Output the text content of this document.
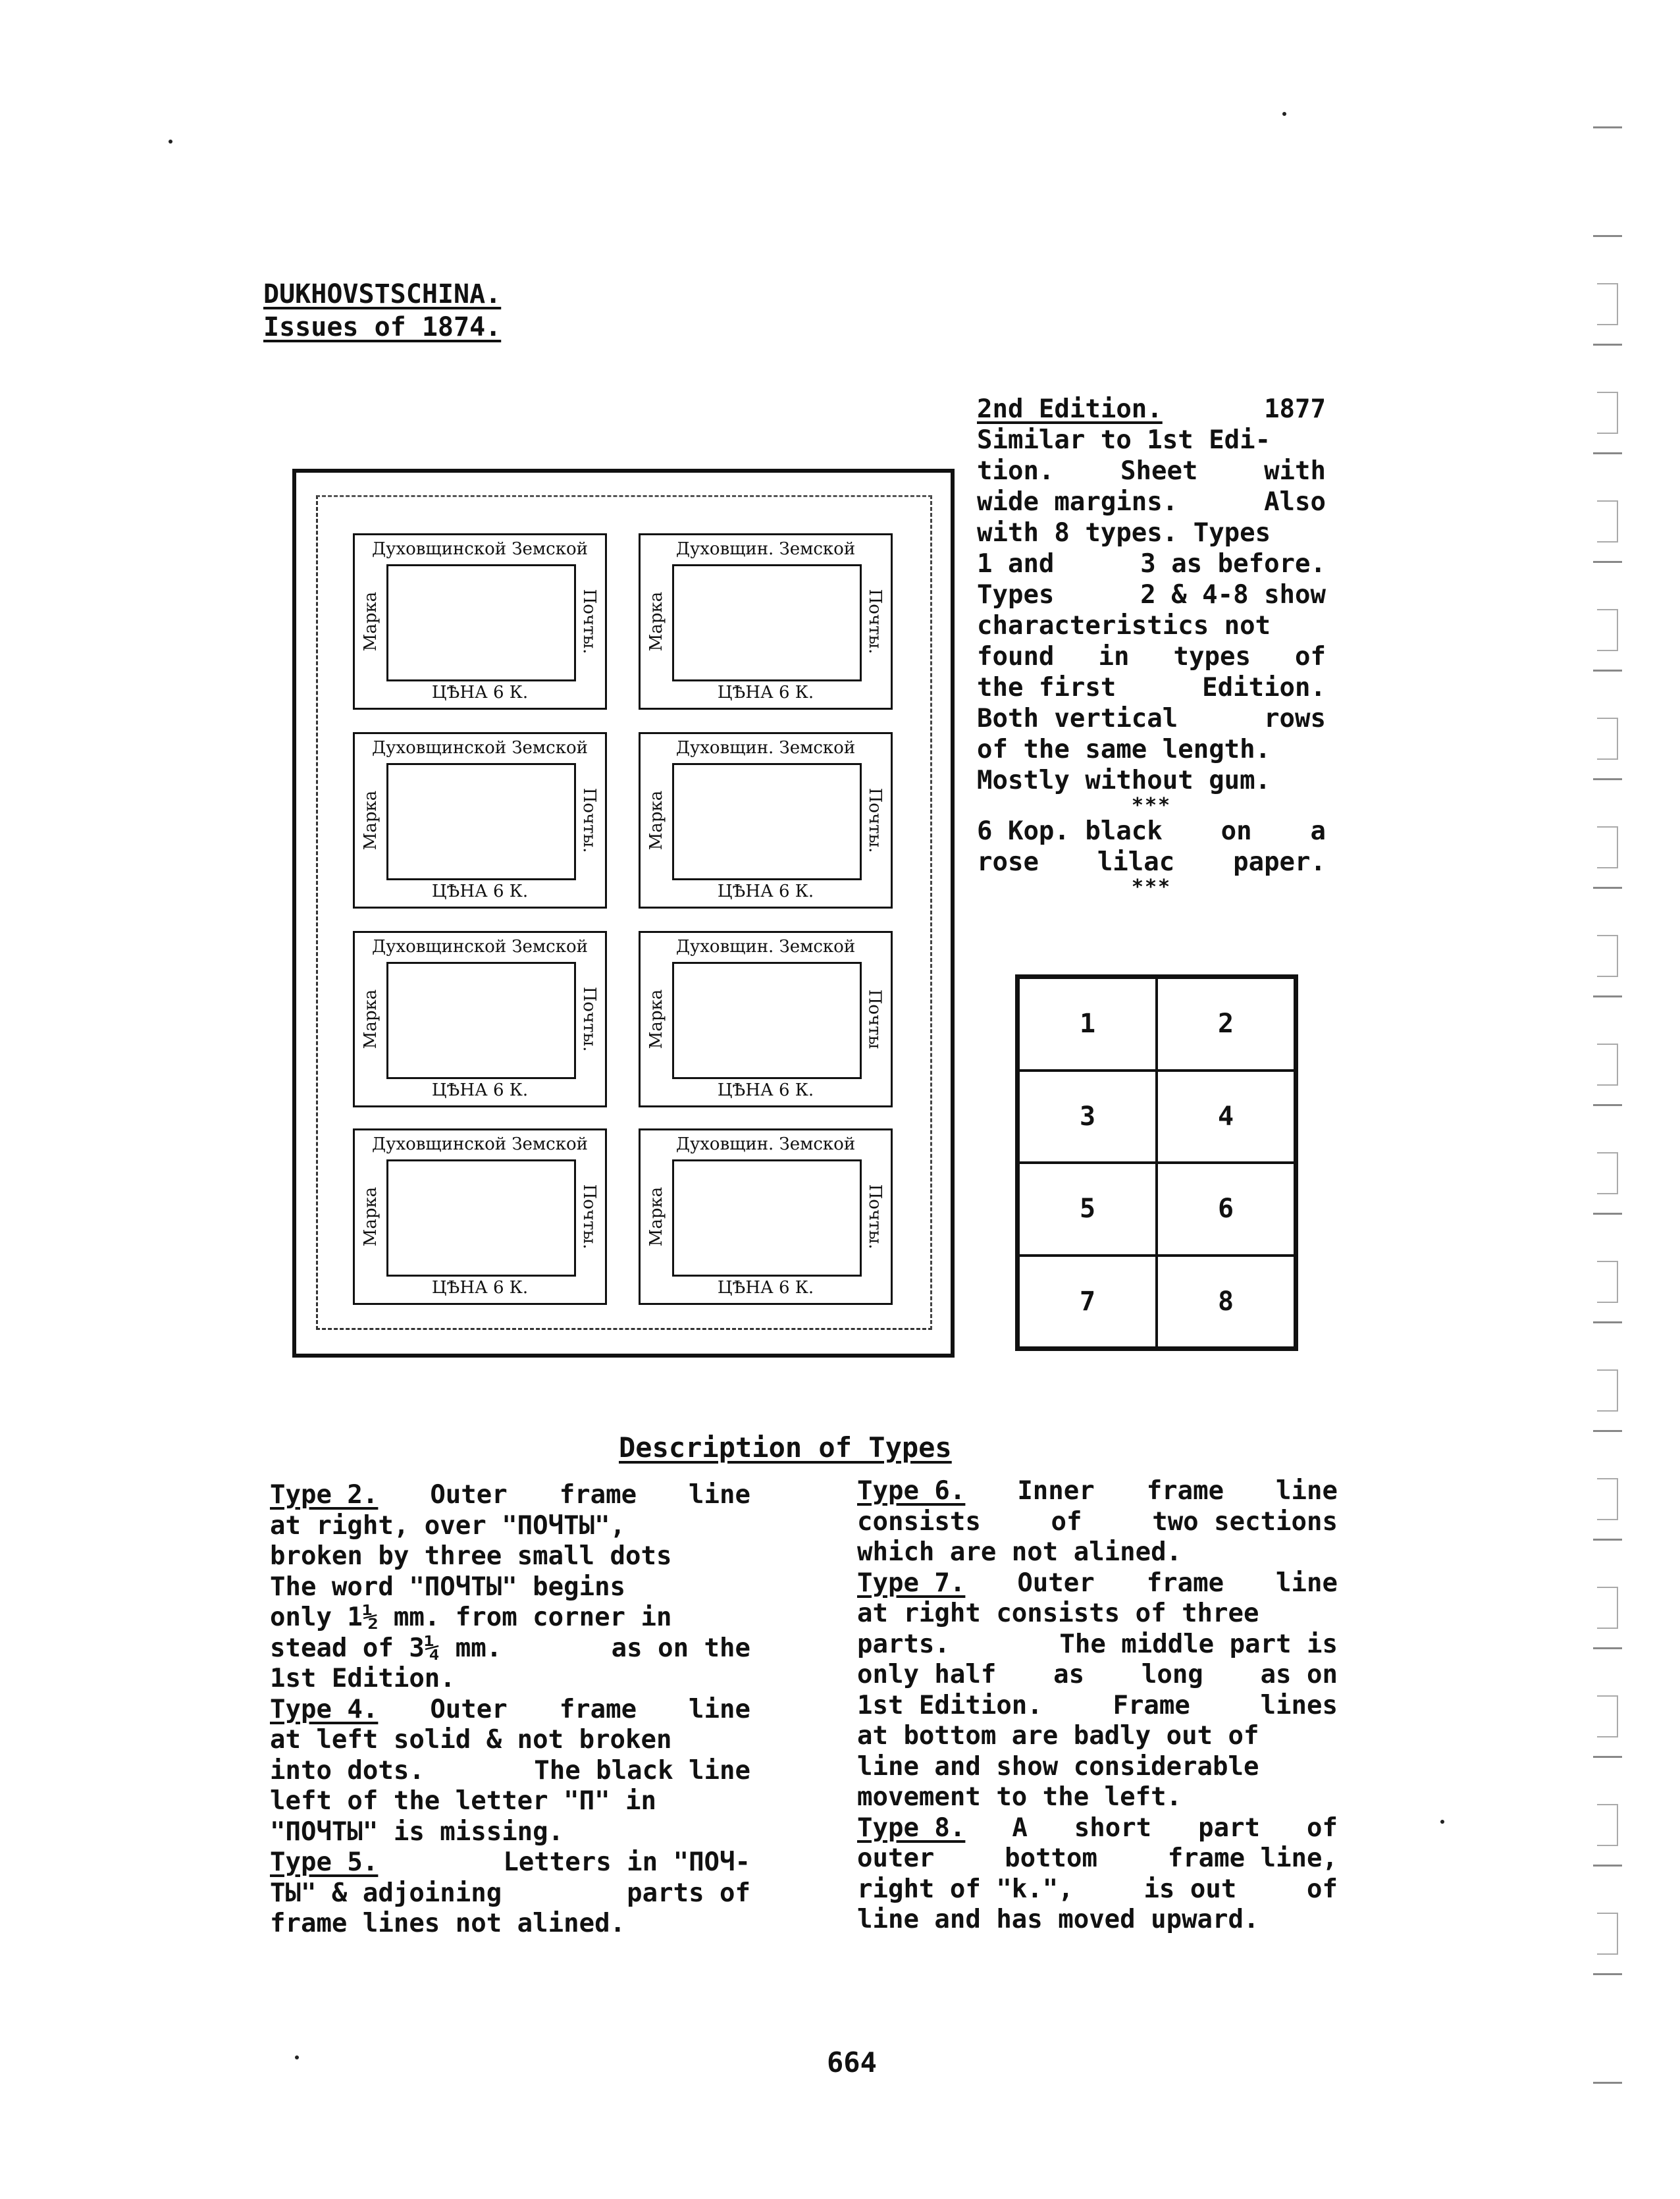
DUKHOVSTSCHINA.
Issues of 1874.
2nd Edition.	1877
Similar to 1st Edi-
tion.	Sheet	with
wide margins.	Also
with 8 types. Types
1 and	3 as before.
Types	2 & 4-8 show
characteristics not
found in types of
the first	Edition.
Both vertical	rows
of the same length.
Mostly without gum.
***
6 Kop. black on a
rose lilac paper.
***
Духовщинской Земской
Марка	Почты.
ЦѢНА 6 К.
Духовщин. Земской
Марка	Почты.
ЦѢНА 6 К.
Духовщинской Земской
Марка	Почты.
ЦѢНА 6 К.
Духовщин. Земской
Марка	Почты.
ЦѢНА 6 К.
Духовщинской Земской
Марка	Почты.
ЦѢНА 6 К.
Духовщин. Земской
Марка	Почты
ЦѢНА 6 К.
Духовщинской Земской
Марка	Почты.
ЦѢНА 6 К.
Духовщин. Земской
Марка	Почты.
ЦѢНА 6 К.
1	2
3	4
5	6
7	8
Description of Types
Type 2. Outer frame line
at right, over "ПОЧТЫ",
broken by three small dots
The word "ПОЧТЫ" begins
only 1½ mm. from corner in
stead of 3¼ mm.	as on the
1st Edition.
Type 4. Outer frame line
at left solid & not broken
into dots.	The black line
left of the letter "П" in
"ПОЧТЫ" is missing.
Type 5.	Letters in "ПОЧ-
ТЫ" & adjoining	parts of
frame lines not alined.
Type 6. Inner frame line
consists	of	two sections
which are not alined.
Type 7. Outer frame line
at right consists of three
parts.	The middle part is
only half as long as on
1st Edition.	Frame	lines
at bottom are badly out of
line and show considerable
movement to the left.
Type 8. A short part of
outer	bottom	frame line,
right of "k.",	is out	of
line and has moved upward.
664
